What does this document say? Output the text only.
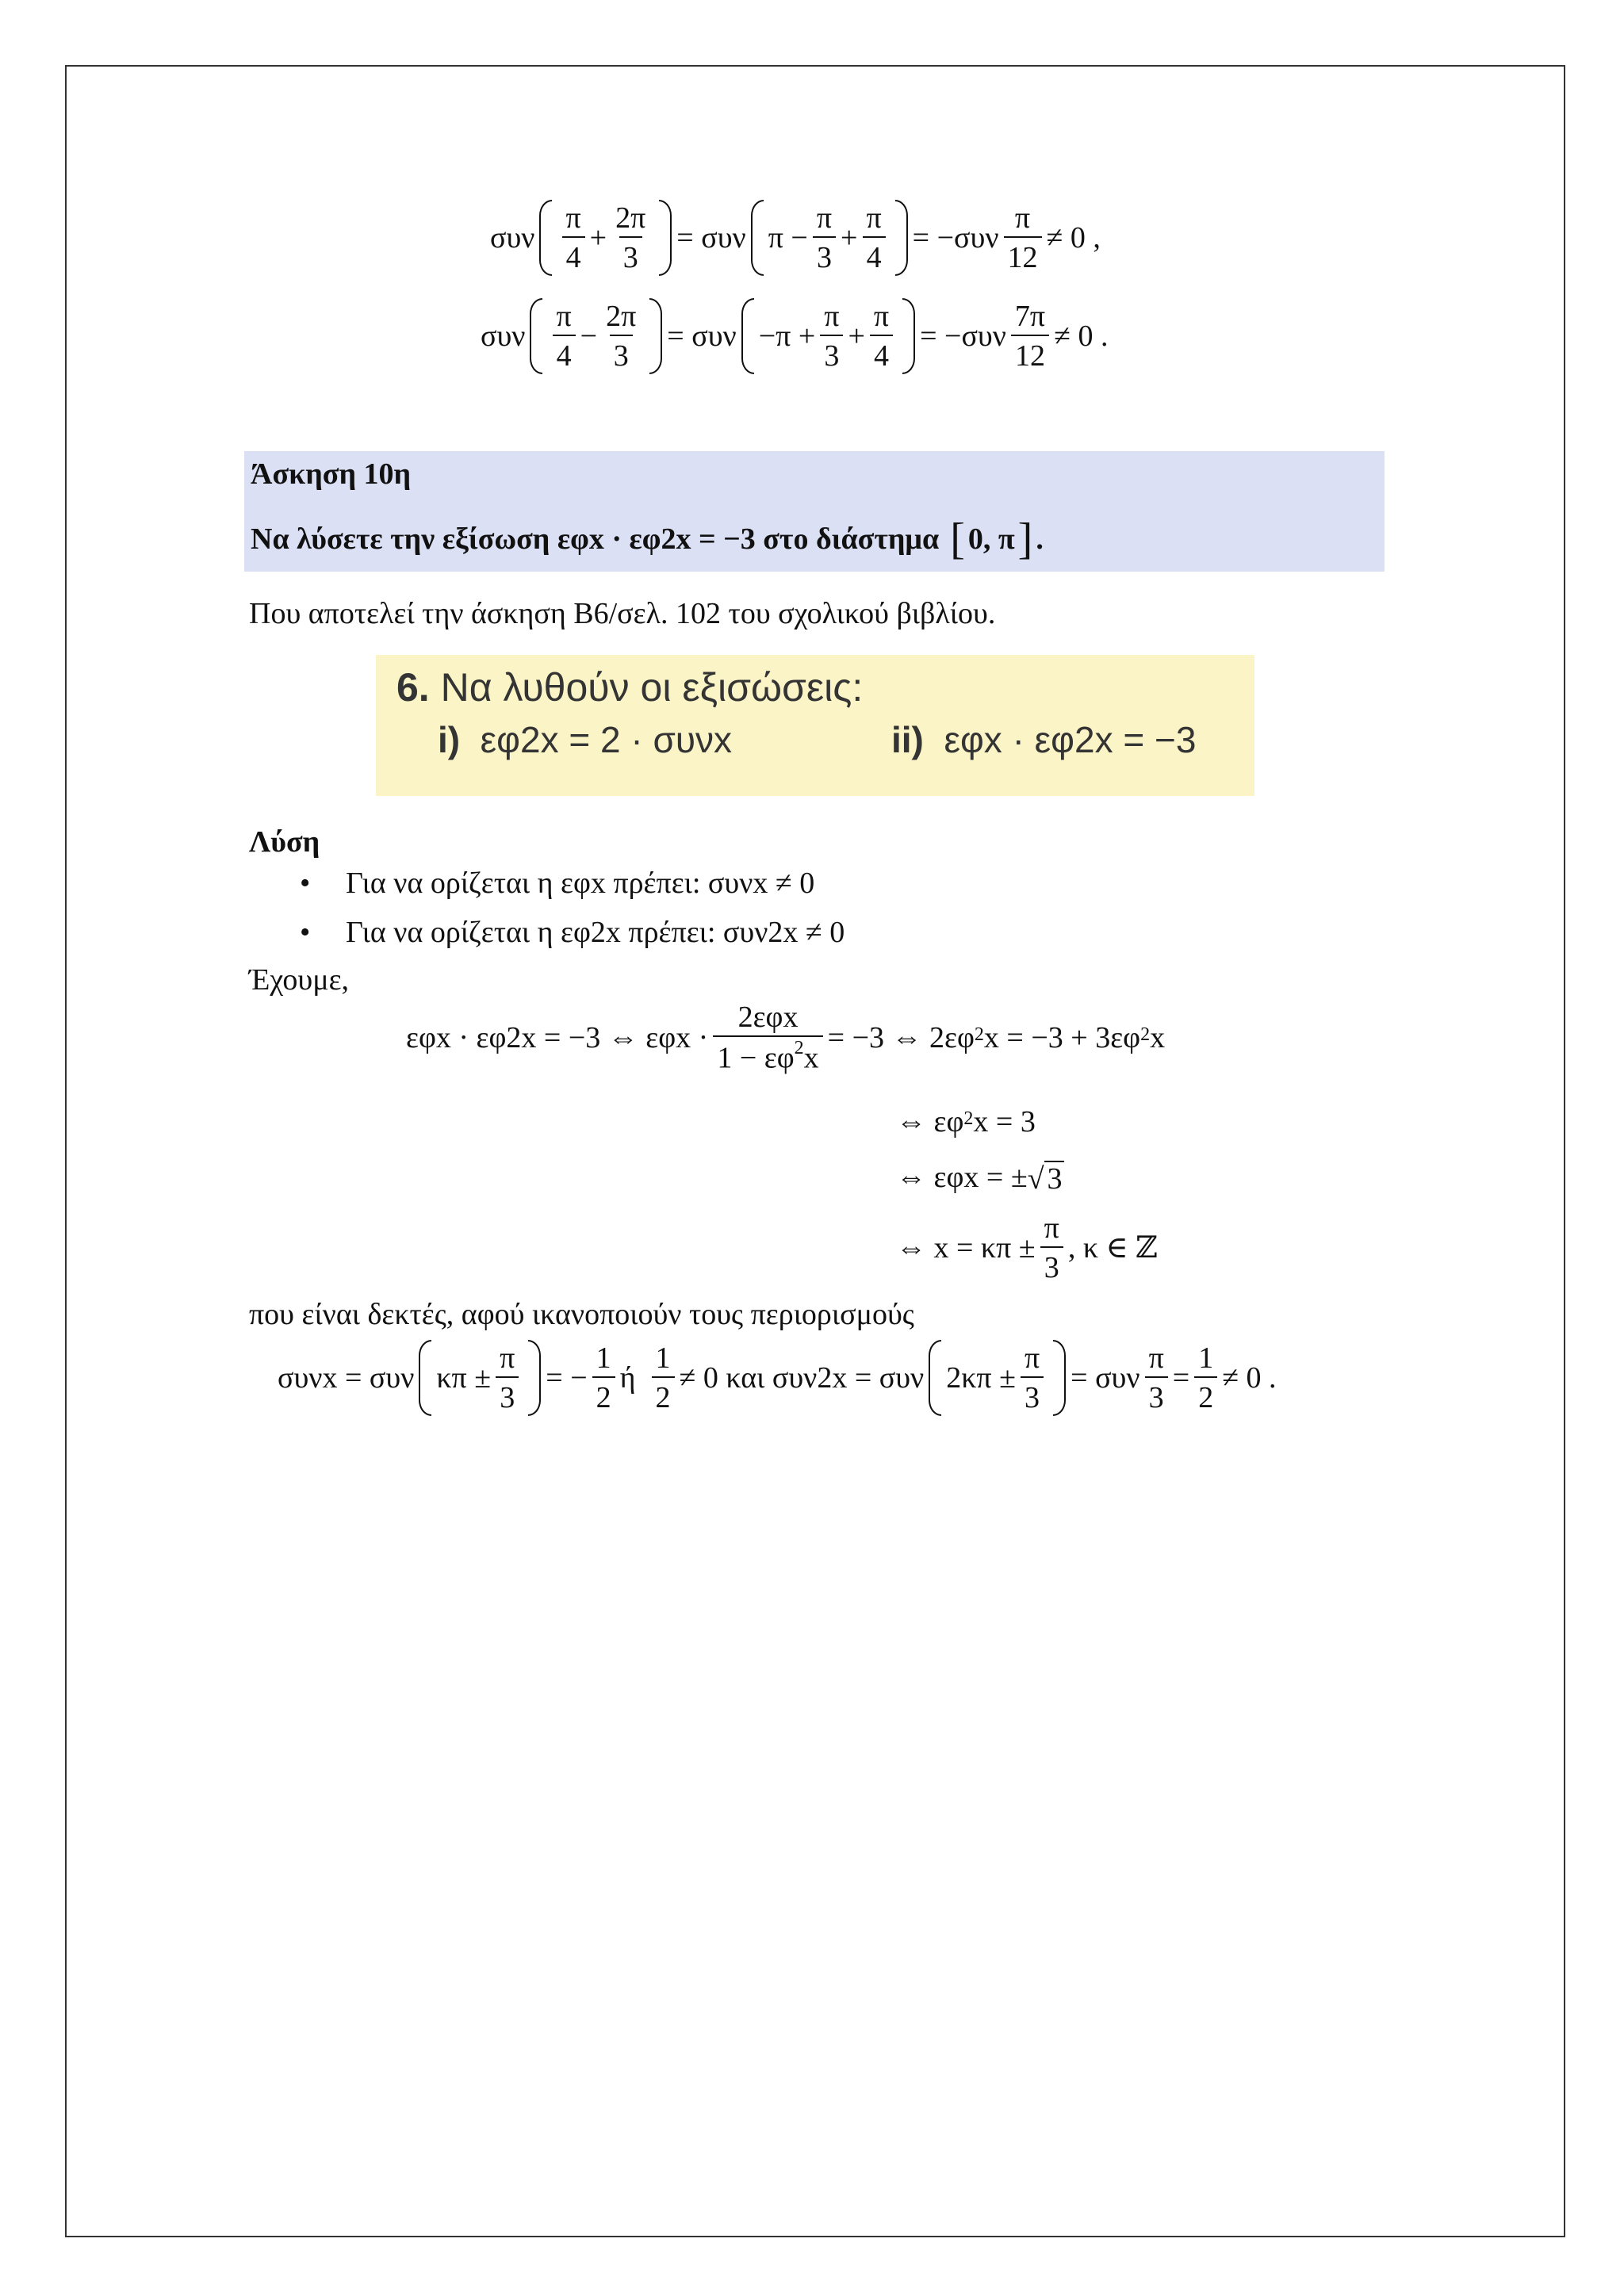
συν
π
4
+ $\frac{2\pi}{3} = \sigma\upsilon\nu$ $\pi - \frac{\pi}{3} + \frac{\pi}{4} = -\sigma\upsilon\nu$
π
12
≠ 0 ,
συν
π
4
− $\frac{2\pi}{3} = \sigma\upsilon\nu -\pi + \frac{\pi}{3} + \frac{\pi}{4} = -\sigma\upsilon\nu$
7π
12
≠ 0 .
Άσκηση 10η
Να λύσετε την εξίσωση εφx · εφ2x = −3 στο διάστημα [ 0, π ] .
Που αποτελεί την άσκηση Β6/σελ. 102 του σχολικού βιβλίου.
6. Να λυθούν οι εξισώσεις:
i) εφ2x = 2 · συνx	ii) εφx · εφ2x = −3
Λύση
• Για να ορίζεται η εφx πρέπει: συνx ≠ 0
• Για να ορίζεται η εφ2x πρέπει: συν2x ≠ 0
Έχουμε,
εφx · εφ2x = −3 ⇔ εφx ·
2εφx
$1 - \varepsilon\varphi^2x$
= −3 ⇔ $2\varepsilon\varphi^2$ $x = -3 + 3\varepsilon\varphi^2$ x
⇔ $\varepsilon\varphi^2$ x = 3
⇔ εφx = ± √ 3
⇔ $x = \kappa\pi \pm \frac{\pi}{3}$ , κ ∈ ℤ
που είναι δεκτές, αφού ικανοποιούν τους περιορισμούς
συνx = συν $\kappa\pi \pm \frac{\pi}{3}$ = − $\frac{1}{2}$ ή
1
2
≠ 0 και συν2x = συν $2\kappa\pi \pm \frac{\pi}{3} = \sigma\upsilon\nu \frac{\pi}{3} = \frac{1}{2} \ne 0$ .
